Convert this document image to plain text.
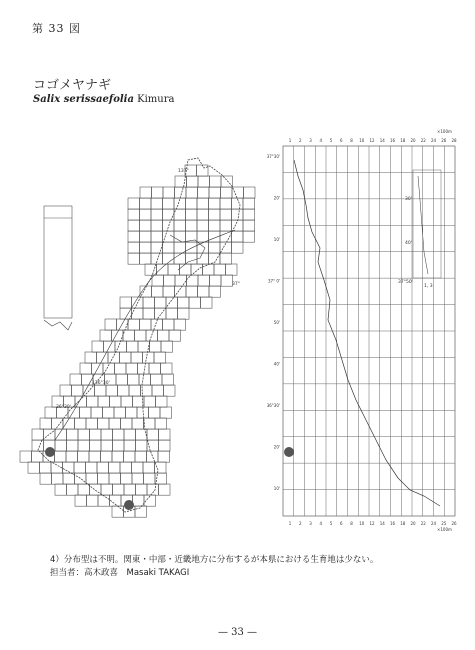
第 33 図
コゴメヤナギ
Salix serissaefolia Kimura
137°
37°
136°30'
36°30'
1 2 3 4 5 6 8 10 12 14 16 18 20 22 24 26 28
1 2 3 4 5 6 8 10 12 14 16 18 20 22 24 25 26
37°30'
20'
10'
37° 0'
50'
40'
36°30'
20'
10'
30'
40'
37°50'
1, 3
×100m
×100m
4）分布型は不明。関東・中部・近畿地方に分布するが本県における生育地は少ない。
担当者：高木政喜　Masaki TAKAGI
— 33 —
